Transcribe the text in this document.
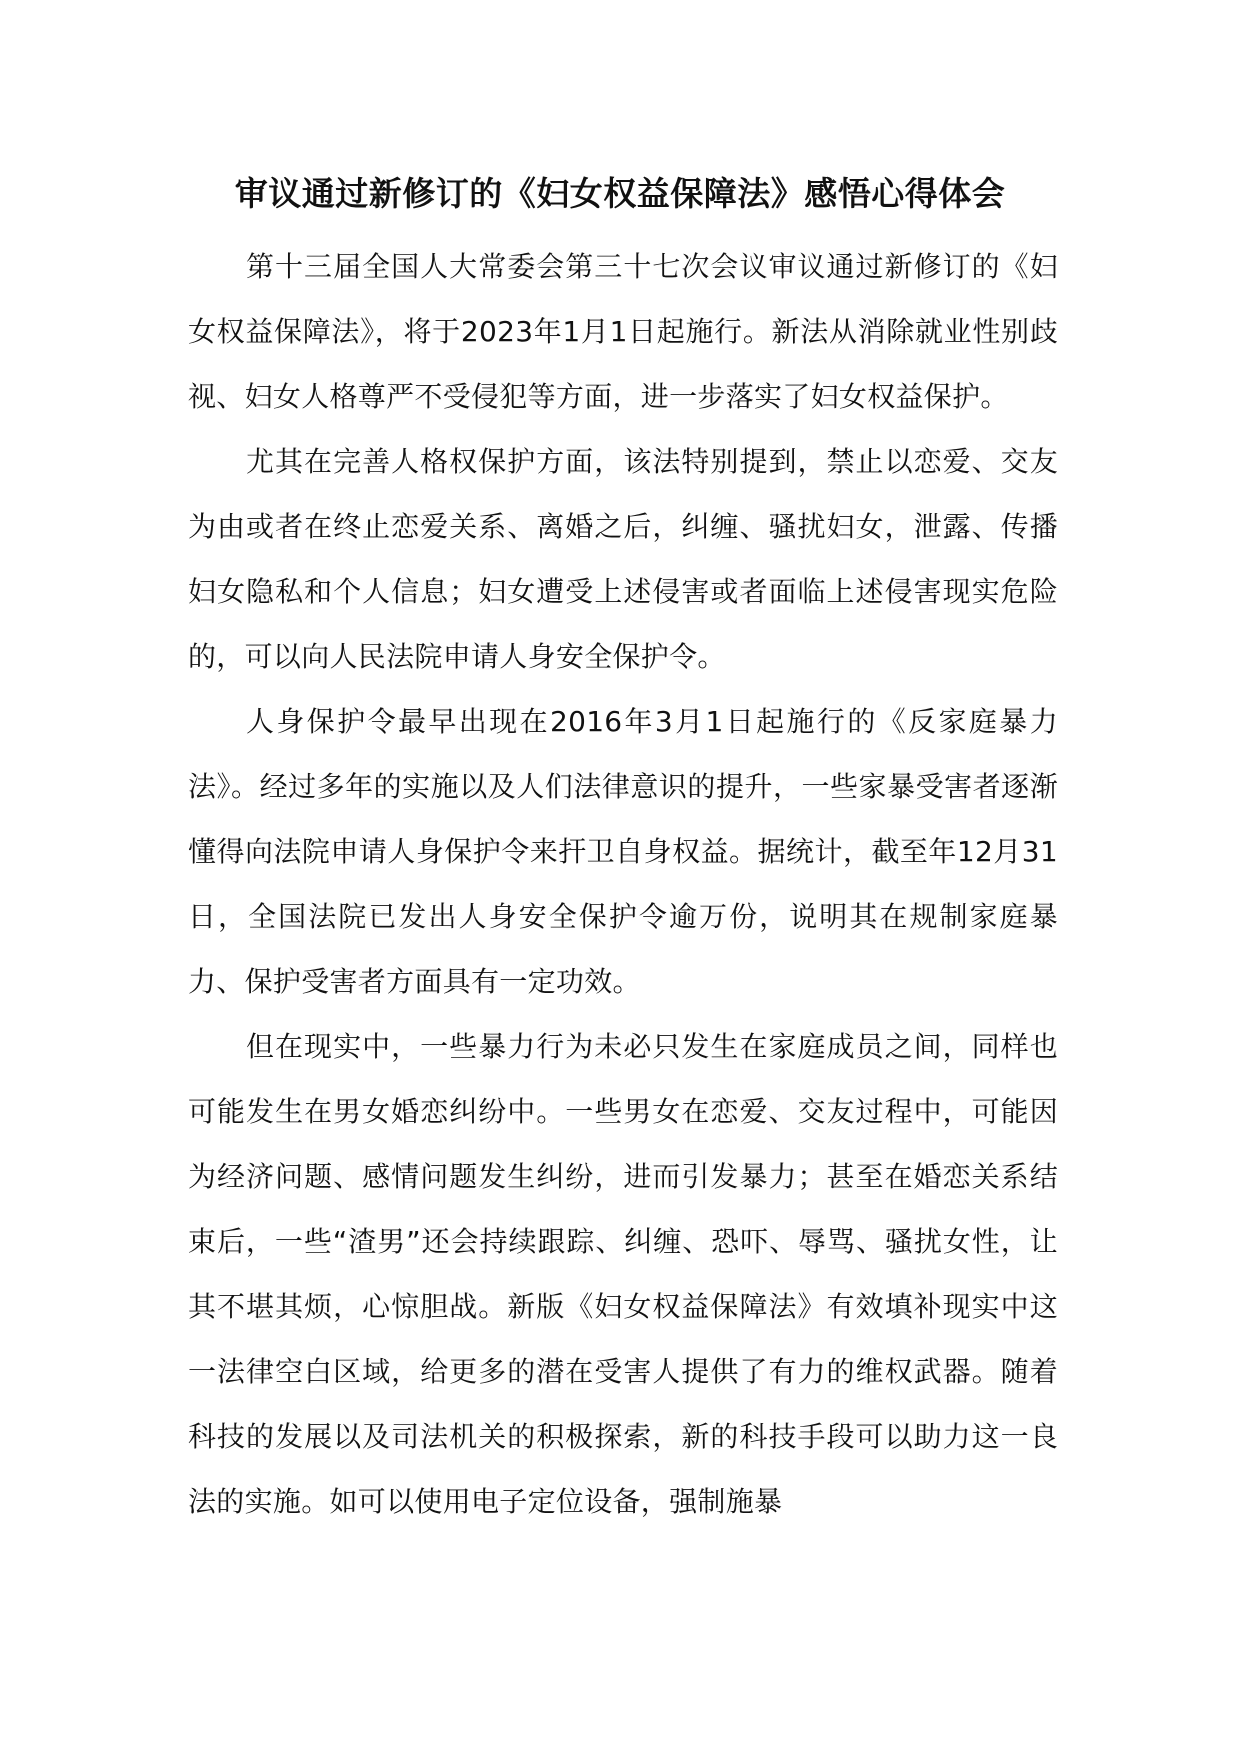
审议通过新修订的《妇女权益保障法》感悟心得体会

第十三届全国人大常委会第三十七次会议审议通过新修订的《妇女权益保障法》，将于2023年1月1日起施行。新法从消除就业性别歧视、妇女人格尊严不受侵犯等方面，进一步落实了妇女权益保护。

尤其在完善人格权保护方面，该法特别提到，禁止以恋爱、交友为由或者在终止恋爱关系、离婚之后，纠缠、骚扰妇女，泄露、传播妇女隐私和个人信息；妇女遭受上述侵害或者面临上述侵害现实危险的，可以向人民法院申请人身安全保护令。

人身保护令最早出现在2016年3月1日起施行的《反家庭暴力法》。经过多年的实施以及人们法律意识的提升，一些家暴受害者逐渐懂得向法院申请人身保护令来扞卫自身权益。据统计，截至年12月31日，全国法院已发出人身安全保护令逾万份，说明其在规制家庭暴力、保护受害者方面具有一定功效。

但在现实中，一些暴力行为未必只发生在家庭成员之间，同样也可能发生在男女婚恋纠纷中。一些男女在恋爱、交友过程中，可能因为经济问题、感情问题发生纠纷，进而引发暴力；甚至在婚恋关系结束后，一些“渣男”还会持续跟踪、纠缠、恐吓、辱骂、骚扰女性，让其不堪其烦，心惊胆战。新版《妇女权益保障法》有效填补现实中这一法律空白区域，给更多的潜在受害人提供了有力的维权武器。随着科技的发展以及司法机关的积极探索，新的科技手段可以助力这一良法的实施。如可以使用电子定位设备，强制施暴
